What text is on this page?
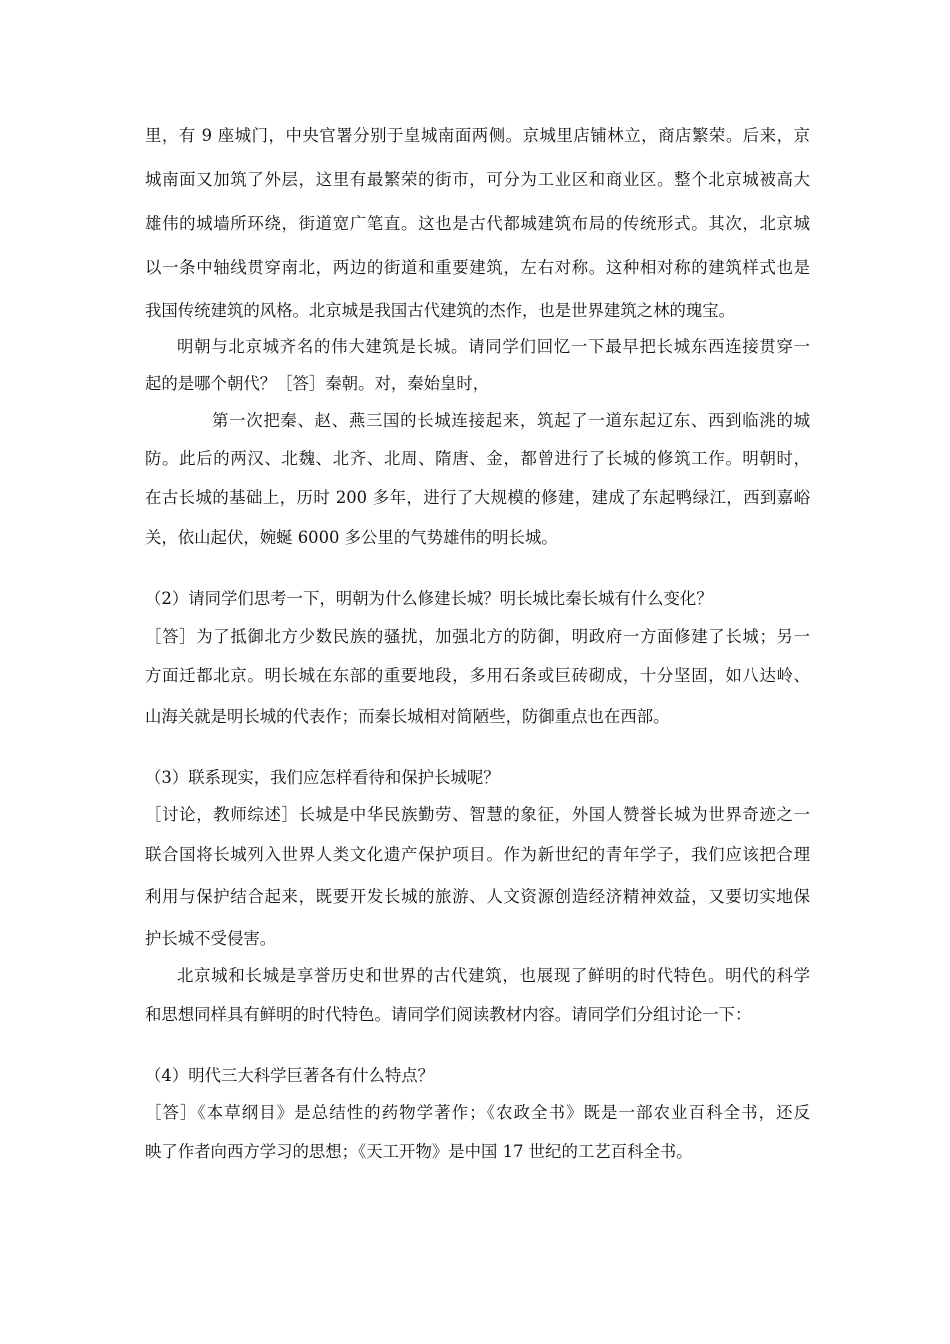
里，有 9 座城门，中央官署分别于皇城南面两侧。京城里店铺林立，商店繁荣。后来，京
城南面又加筑了外层，这里有最繁荣的街市，可分为工业区和商业区。整个北京城被高大
雄伟的城墙所环绕，街道宽广笔直。这也是古代都城建筑布局的传统形式。其次，北京城
以一条中轴线贯穿南北，两边的街道和重要建筑，左右对称。这种相对称的建筑样式也是
我国传统建筑的风格。北京城是我国古代建筑的杰作，也是世界建筑之林的瑰宝。
明朝与北京城齐名的伟大建筑是长城。请同学们回忆一下最早把长城东西连接贯穿一
起的是哪个朝代？［答］秦朝。对，秦始皇时，
第一次把秦、赵、燕三国的长城连接起来，筑起了一道东起辽东、西到临洮的城
防。此后的两汉、北魏、北齐、北周、隋唐、金，都曾进行了长城的修筑工作。明朝时，
在古长城的基础上，历时 200 多年，进行了大规模的修建，建成了东起鸭绿江，西到嘉峪
关，依山起伏，婉蜒 6000 多公里的气势雄伟的明长城。
（2）请同学们思考一下，明朝为什么修建长城？明长城比秦长城有什么变化？
［答］为了抵御北方少数民族的骚扰，加强北方的防御，明政府一方面修建了长城；另一
方面迁都北京。明长城在东部的重要地段，多用石条或巨砖砌成，十分坚固，如八达岭、
山海关就是明长城的代表作；而秦长城相对简陋些，防御重点也在西部。
（3）联系现实，我们应怎样看待和保护长城呢？
［讨论，教师综述］长城是中华民族勤劳、智慧的象征，外国人赞誉长城为世界奇迹之一
联合国将长城列入世界人类文化遗产保护项目。作为新世纪的青年学子，我们应该把合理
利用与保护结合起来，既要开发长城的旅游、人文资源创造经济精神效益，又要切实地保
护长城不受侵害。
北京城和长城是享誉历史和世界的古代建筑，也展现了鲜明的时代特色。明代的科学
和思想同样具有鲜明的时代特色。请同学们阅读教材内容。请同学们分组讨论一下：
（4）明代三大科学巨著各有什么特点？
［答］《本草纲目》是总结性的药物学著作；《农政全书》既是一部农业百科全书，还反
映了作者向西方学习的思想；《天工开物》是中国 17 世纪的工艺百科全书。
